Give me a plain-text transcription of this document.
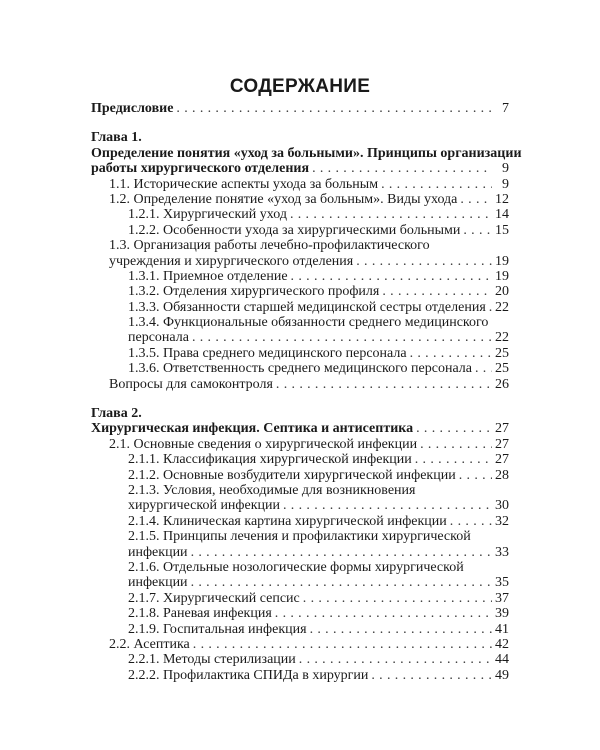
СОДЕРЖАНИЕ
Предисловие . . .	7
Глава 1.
Определение понятия «уход за больными». Принципы организации
работы хирургического отделения . . .	9
1.1. Исторические аспекты ухода за больным . . .	9
1.2. Определение понятие «уход за больным». Виды ухода . . .	12
1.2.1. Хирургический уход . . .	14
1.2.2. Особенности ухода за хирургическими больными . . . 15
1.3. Организация работы лечебно-профилактического
учреждения и хирургического отделения . . .	19
1.3.1. Приемное отделение . . .	19
1.3.2. Отделения хирургического профиля . . .	20
1.3.3. Обязанности старшей медицинской сестры отделения . . . 22
1.3.4. Функциональные обязанности среднего медицинского
персонала . . .	22
1.3.5. Права среднего медицинского персонала . . .	25
1.3.6. Ответственность среднего медицинского персонала . . . 25
Вопросы для самоконтроля . . .	26
Глава 2.
Хирургическая инфекция. Септика и антисептика . . .	27
2.1. Основные сведения о хирургической инфекции . . .	27
2.1.1. Классификация хирургической инфекции . . .	27
2.1.2. Основные возбудители хирургической инфекции . . .	28
2.1.3. Условия, необходимые для возникновения
хирургической инфекции . . .	30
2.1.4. Клиническая картина хирургической инфекции . . .	32
2.1.5. Принципы лечения и профилактики хирургической
инфекции . . .	33
2.1.6. Отдельные нозологические формы хирургической
инфекции . . .	35
2.1.7. Хирургический сепсис . . .	37
2.1.8. Раневая инфекция . . .	39
2.1.9. Госпитальная инфекция . . .	41
2.2. Асептика . . .	42
2.2.1. Методы стерилизации . . .	44
2.2.2. Профилактика СПИДа в хирургии . . .	49
